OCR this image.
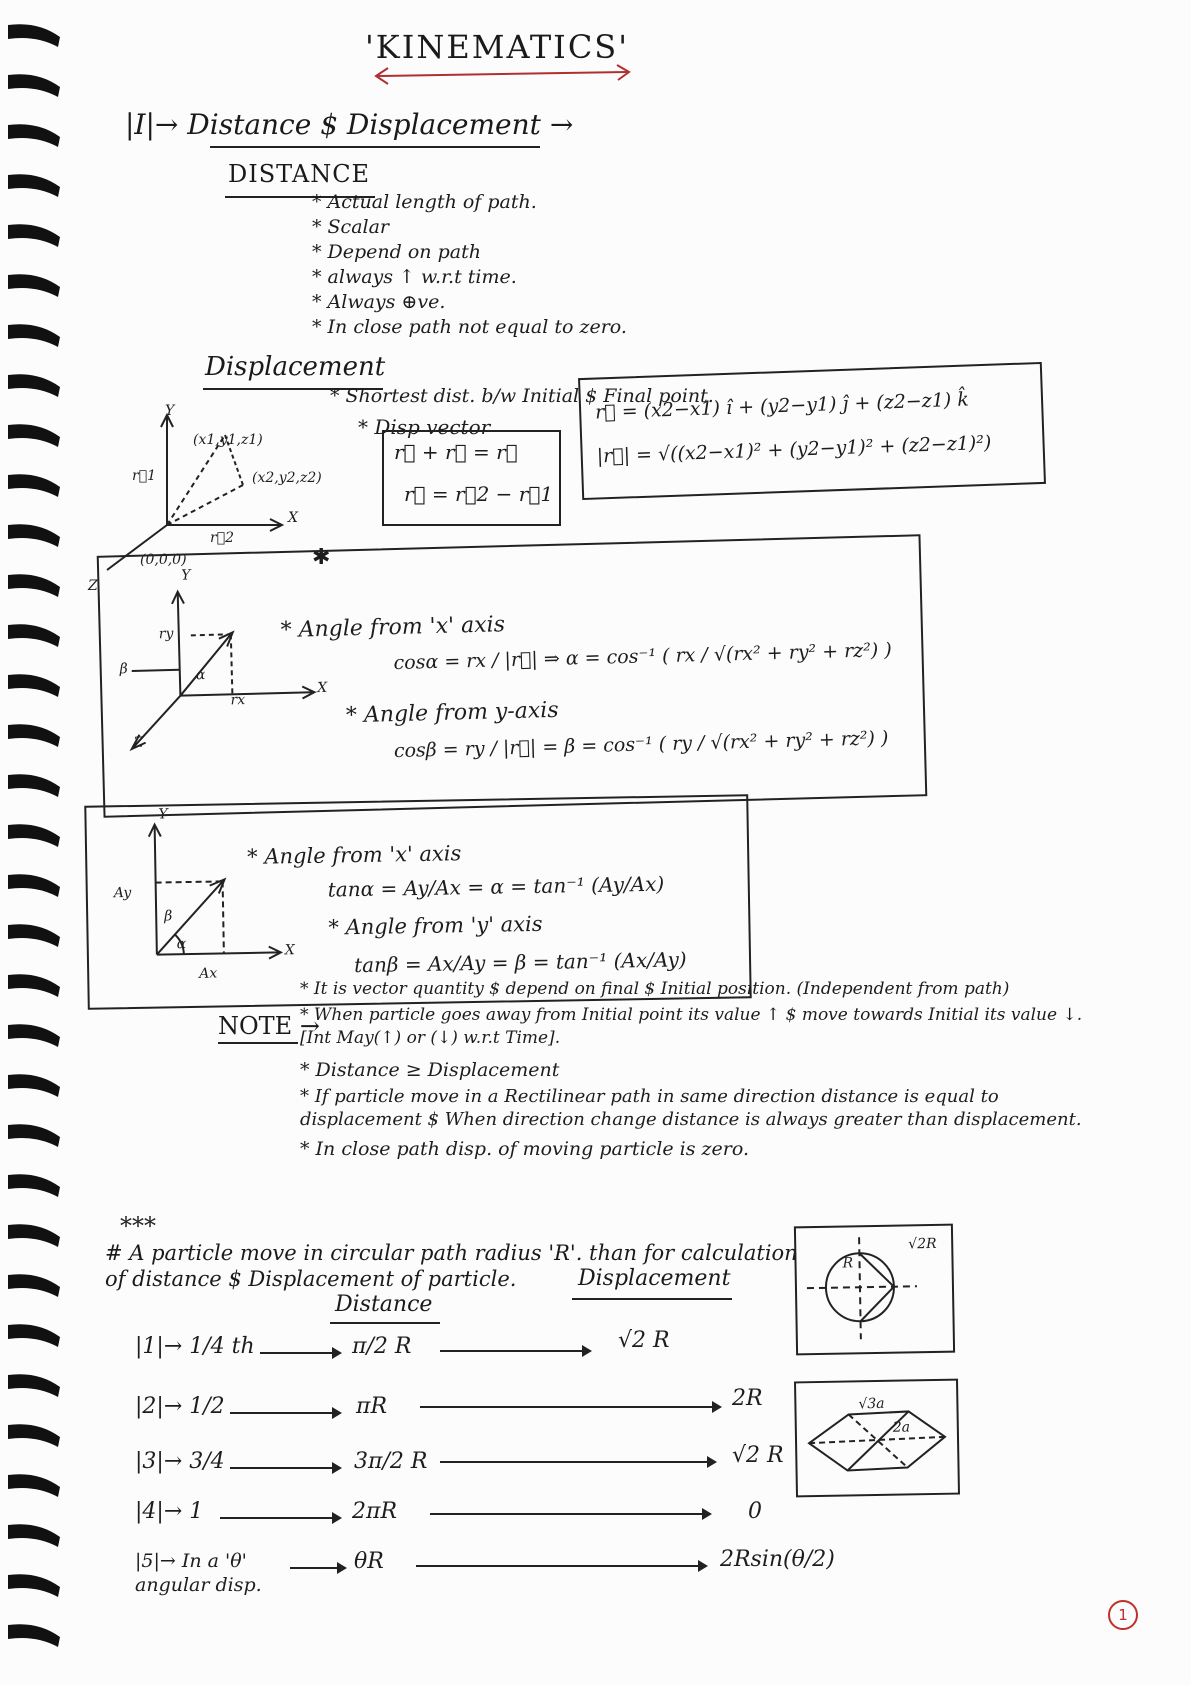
'KINEMATICS'
|I|→ Distance $ Displacement →
DISTANCE
* Actual length of path.
* Scalar
* Depend on path
* always ↑ w.r.t time.
* Always ⊕ve.
* In close path not equal to zero.
Displacement
* Shortest dist. b/w Initial $ Final point.
* Disp vector
Y
(x1,y1,z1)
(x2,y2,z2)
X
(0,0,0)
r⃗1
r⃗2
Z
r⃗ + r⃗ = r⃗
r⃗ = r⃗2 − r⃗1
r⃗ = (x2−x1) î + (y2−y1) ĵ + (z2−z1) k̂
|r⃗| = √((x2−x1)² + (y2−y1)² + (z2−z1)²)
✱
Y
X
Z
ry
rx
β	α
* Angle from 'x' axis
cosα = rx / |r⃗| ⇒ α = cos⁻¹ ( rx / √(rx² + ry² + rz²) )
* Angle from y-axis
cosβ = ry / |r⃗| = β = cos⁻¹ ( ry / √(rx² + ry² + rz²) )
Y
X
Ay
Ax
β
α
* Angle from 'x' axis
tanα = Ay/Ax = α = tan⁻¹ (Ay/Ax)
* Angle from 'y' axis
tanβ = Ax/Ay = β = tan⁻¹ (Ax/Ay)
NOTE →
* It is vector quantity $ depend on final $ Initial position. (Independent from path)
* When particle goes away from Initial point its value ↑ $ move towards Initial its value ↓. [Int May(↑) or (↓) w.r.t Time].
* Distance ≥ Displacement
* If particle move in a Rectilinear path in same direction distance is equal to displacement $ When direction change distance is always greater than displacement.
* In close path disp. of moving particle is zero.
***
# A particle move in circular path radius 'R'. than for calculation of distance $ Displacement of particle.
Distance
Displacement
|1|→ 1/4 th	π/2 R	√2 R
|2|→ 1/2	πR	2R
|3|→ 3/4	3π/2 R	√2 R
|4|→ 1	2πR	0
|5|→ In a 'θ' angular disp.
θR	2Rsin(θ/2)
R
√2R
√3a
2a
1
